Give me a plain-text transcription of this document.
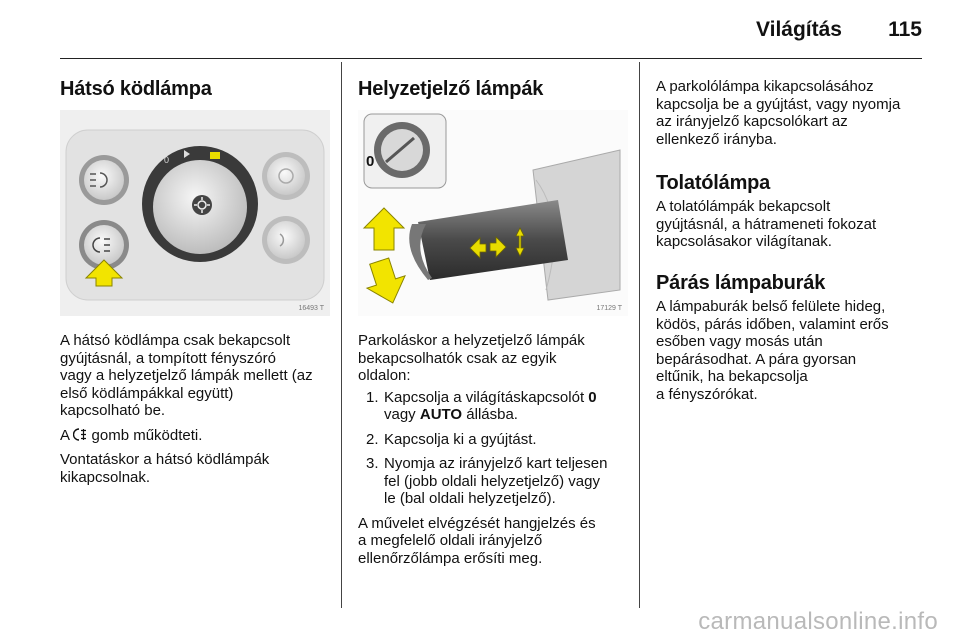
Világítás 115
Hátsó ködlámpa
0
16493 T

A hátsó ködlámpa csak bekapcsolt
gyújtásnál, a tompított fényszóró
vagy a helyzetjelző lámpák mellett (az
első ködlámpákkal együtt)
kapcsolható be.

A gomb működteti.

Vontatáskor a hátsó ködlámpák
kikapcsolnak.

Helyzetjelző lámpák
0
17129 T

Parkoláskor a helyzetjelző lámpák
bekapcsolhatók csak az egyik
oldalon:

1. Kapcsolja a világításkapcsolót 0
vagy AUTO állásba.
2. Kapcsolja ki a gyújtást.
3. Nyomja az irányjelző kart teljesen
fel (jobb oldali helyzetjelző) vagy
le (bal oldali helyzetjelző).

A művelet elvégzését hangjelzés és
a megfelelő oldali irányjelző
ellenőrzőlámpa erősíti meg.

A parkolólámpa kikapcsolásához
kapcsolja be a gyújtást, vagy nyomja
az irányjelző kapcsolókart az
ellenkező irányba.

Tolatólámpa

A tolatólámpák bekapcsolt
gyújtásnál, a hátrameneti fokozat
kapcsolásakor világítanak.

Párás lámpaburák

A lámpaburák belső felülete hideg,
ködös, párás időben, valamint erős
esőben vagy mosás után
bepárásodhat. A pára gyorsan
eltűnik, ha bekapcsolja
a fényszórókat.

carmanualsonline.info
